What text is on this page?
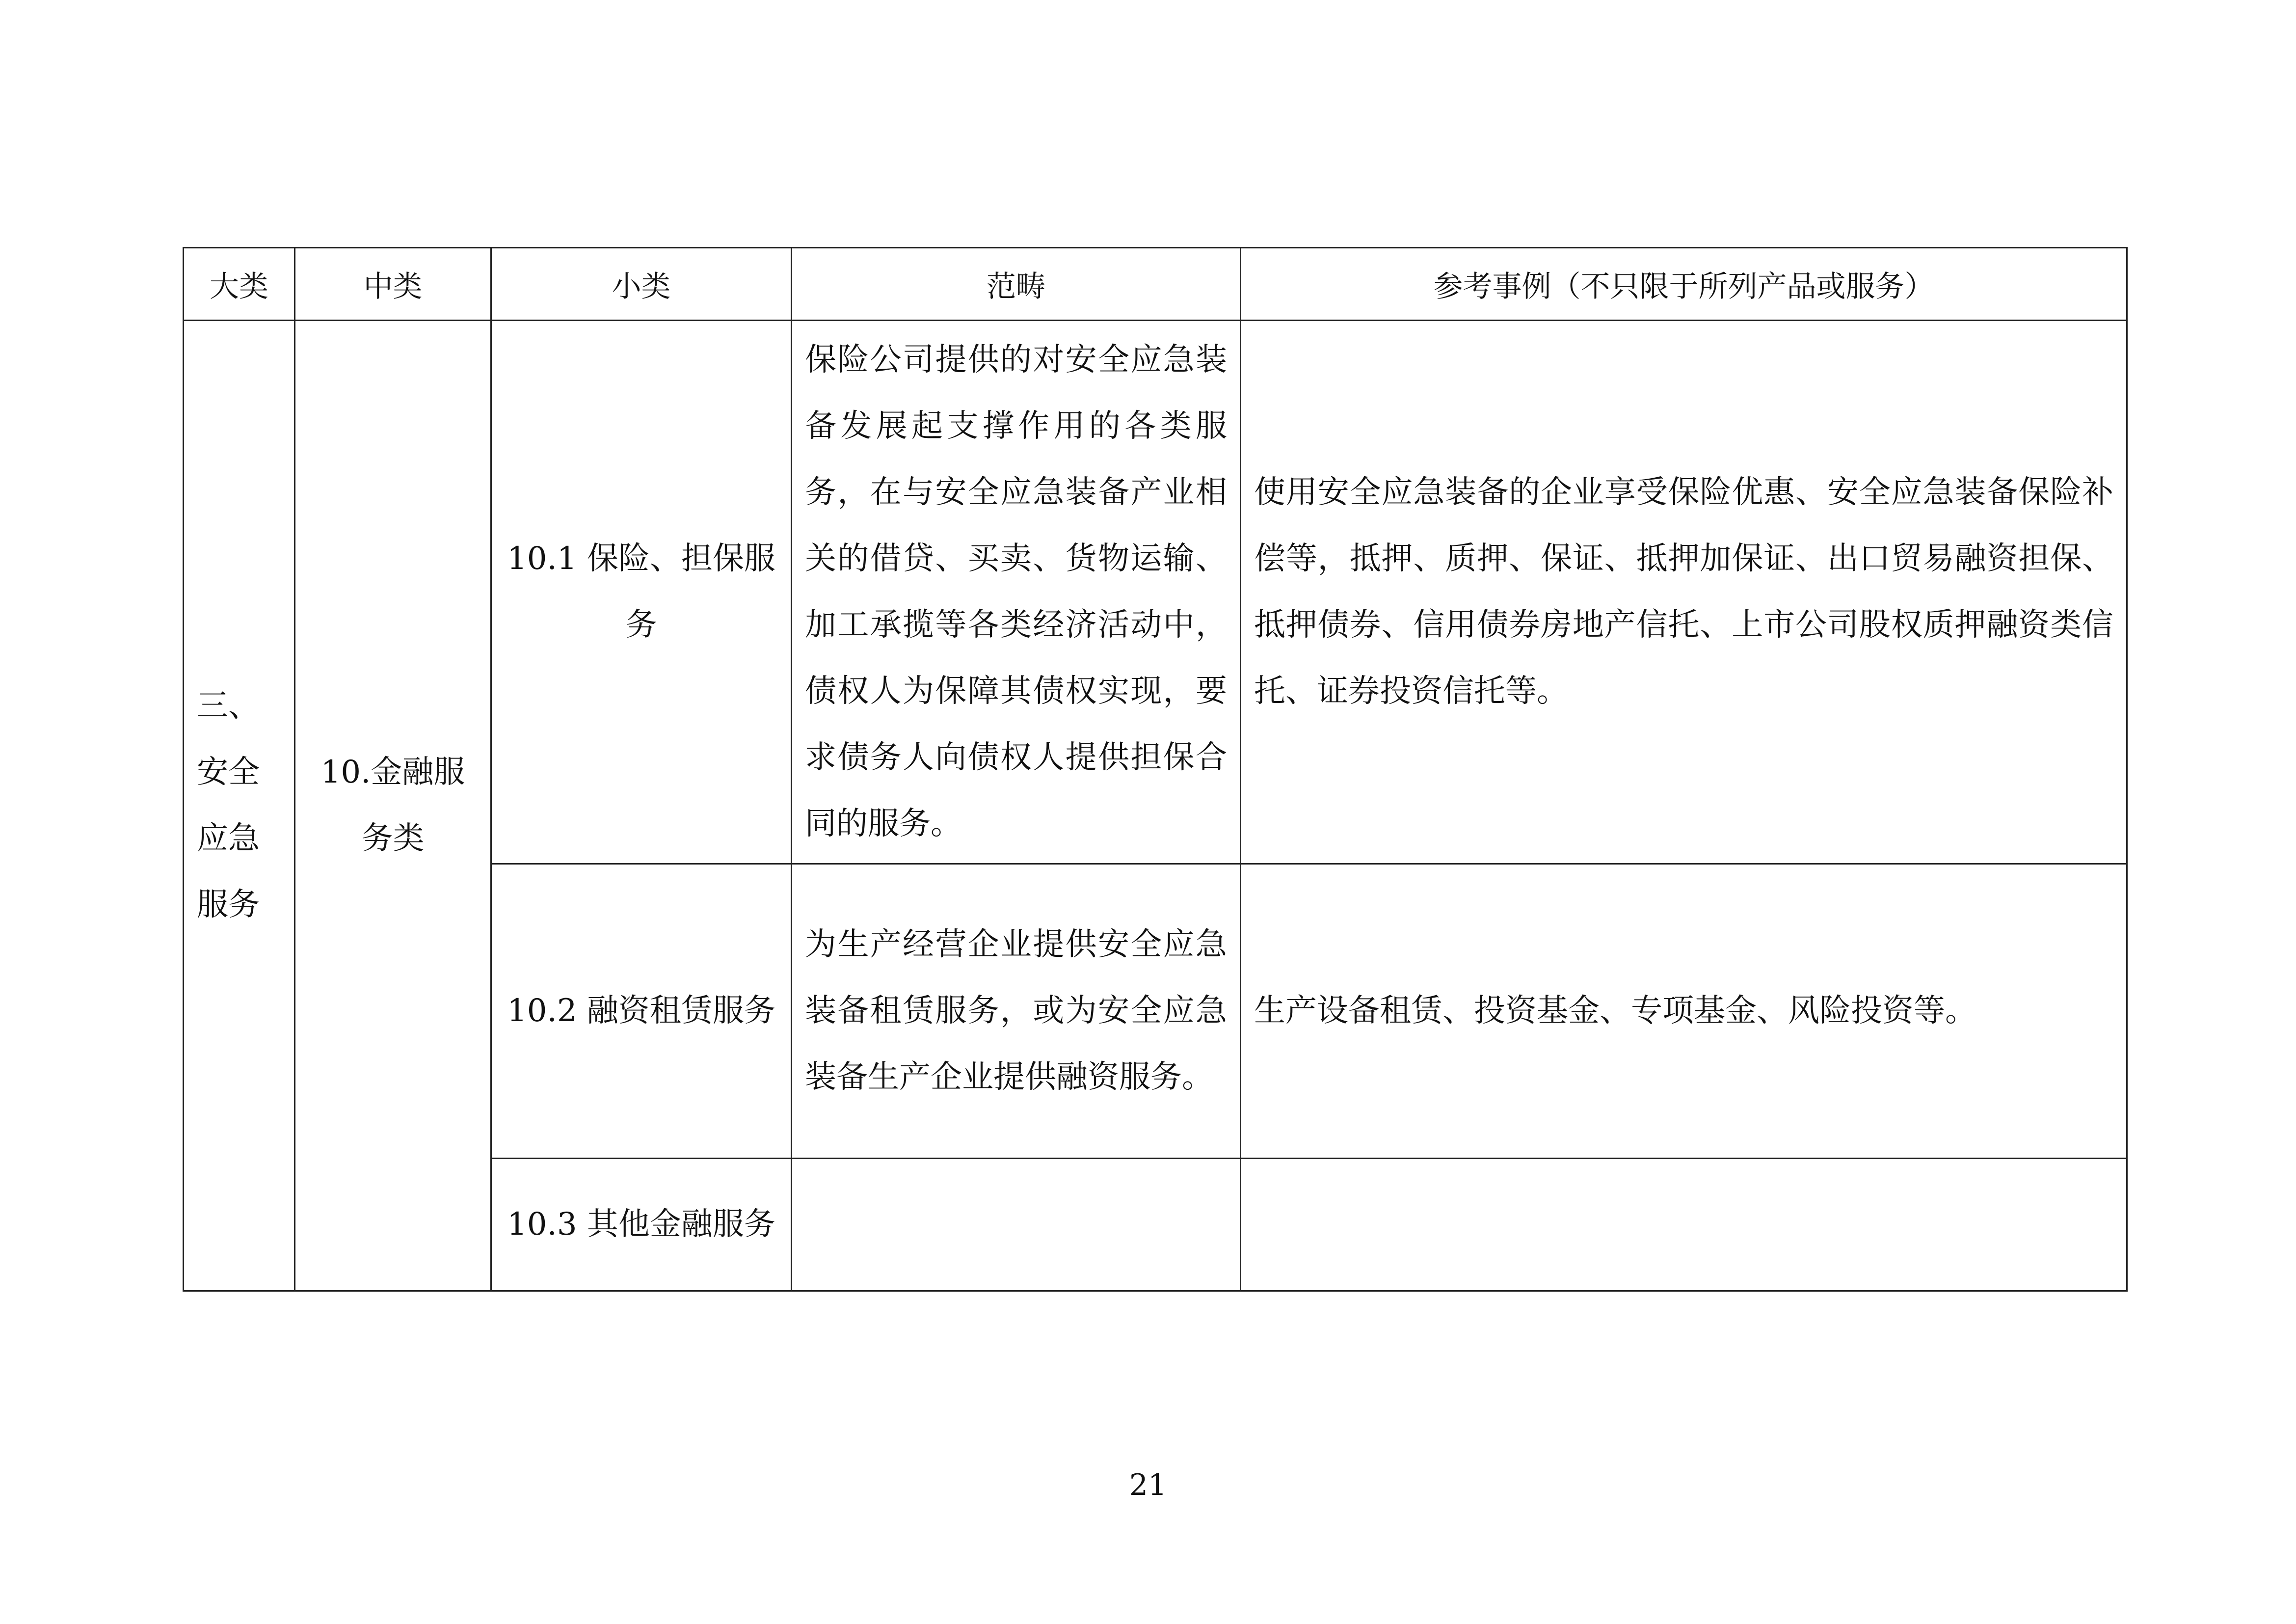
大类	中类	小类	范畴	参考事例（不只限于所列产品或服务）
三、安全应急服务	10.金融服务类	10.1 保险、担保服务	保险公司提供的对安全应急装备发展起支撑作用的各类服务，在与安全应急装备产业相关的借贷、买卖、货物运输、加工承揽等各类经济活动中，债权人为保障其债权实现，要求债务人向债权人提供担保合同的服务。	使用安全应急装备的企业享受保险优惠、安全应急装备保险补偿等，抵押、质押、保证、抵押加保证、出口贸易融资担保、抵押债券、信用债券房地产信托、上市公司股权质押融资类信托、证券投资信托等。
		10.2 融资租赁服务	为生产经营企业提供安全应急装备租赁服务，或为安全应急装备生产企业提供融资服务。	生产设备租赁、投资基金、专项基金、风险投资等。
		10.3 其他金融服务		
21
